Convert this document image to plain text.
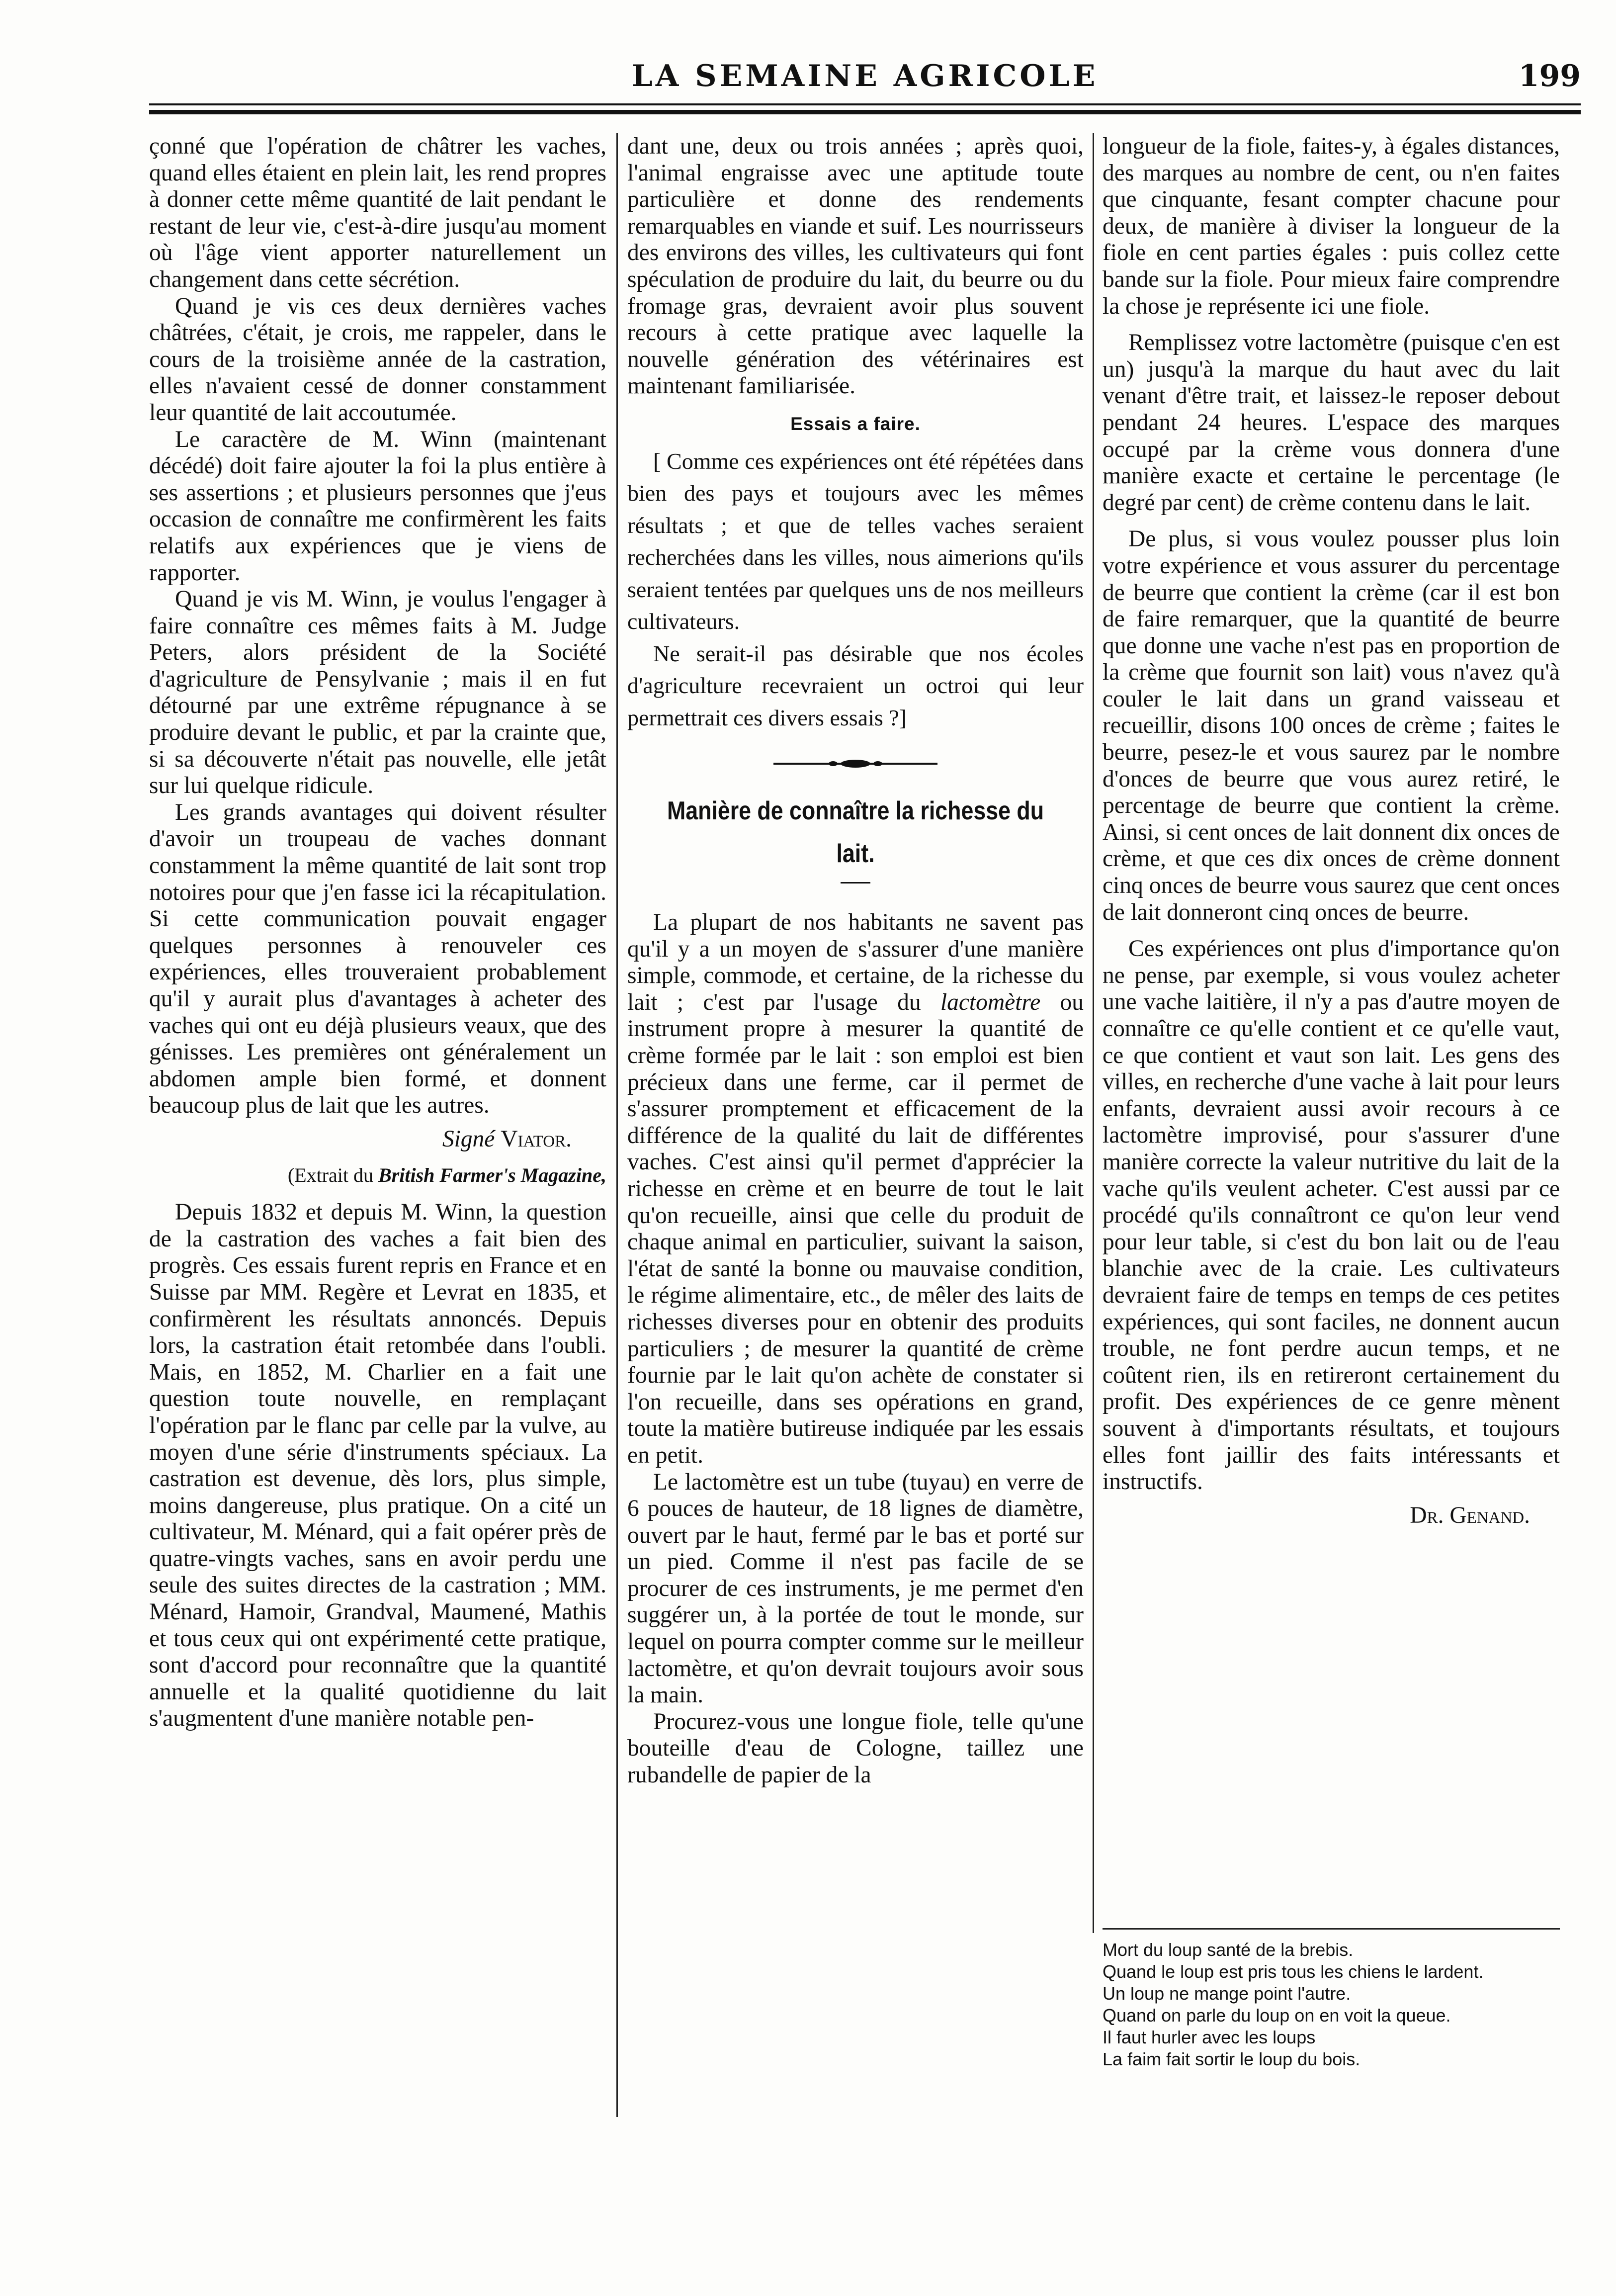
LA SEMAINE AGRICOLE	199

çonné que l'opération de châtrer les vaches, quand elles étaient en plein lait, les rend propres à donner cette même quantité de lait pendant le restant de leur vie, c'est-à-dire jusqu'au moment où l'âge vient apporter naturellement un changement dans cette sécrétion.

Quand je vis ces deux dernières vaches châtrées, c'était, je crois, me rappeler, dans le cours de la troisième année de la castration, elles n'avaient cessé de donner constamment leur quantité de lait accoutumée.

Le caractère de M. Winn (maintenant décédé) doit faire ajouter la foi la plus entière à ses assertions ; et plusieurs personnes que j'eus occasion de connaître me confirmèrent les faits relatifs aux expériences que je viens de rapporter.

Quand je vis M. Winn, je voulus l'engager à faire connaître ces mêmes faits à M. Judge Peters, alors président de la Société d'agriculture de Pensylvanie ; mais il en fut détourné par une extrême répugnance à se produire devant le public, et par la crainte que, si sa découverte n'était pas nouvelle, elle jetât sur lui quelque ridicule.

Les grands avantages qui doivent résulter d'avoir un troupeau de vaches donnant constamment la même quantité de lait sont trop notoires pour que j'en fasse ici la récapitulation. Si cette communication pouvait engager quelques personnes à renouveler ces expériences, elles trouveraient probablement qu'il y aurait plus d'avantages à acheter des vaches qui ont eu déjà plusieurs veaux, que des génisses. Les premières ont généralement un abdomen ample bien formé, et donnent beaucoup plus de lait que les autres.

Signé Viator.
(Extrait du British Farmer's Magazine,

Depuis 1832 et depuis M. Winn, la question de la castration des vaches a fait bien des progrès. Ces essais furent repris en France et en Suisse par MM. Regère et Levrat en 1835, et confirmèrent les résultats annoncés. Depuis lors, la castration était retombée dans l'oubli. Mais, en 1852, M. Charlier en a fait une question toute nouvelle, en remplaçant l'opération par le flanc par celle par la vulve, au moyen d'une série d'instruments spéciaux. La castration est devenue, dès lors, plus simple, moins dangereuse, plus pratique. On a cité un cultivateur, M. Ménard, qui a fait opérer près de quatre-vingts vaches, sans en avoir perdu une seule des suites directes de la castration ; MM. Ménard, Hamoir, Grandval, Maumené, Mathis et tous ceux qui ont expérimenté cette pratique, sont d'accord pour reconnaître que la quantité annuelle et la qualité quotidienne du lait s'augmentent d'une manière notable pen-

dant une, deux ou trois années ; après quoi, l'animal engraisse avec une aptitude toute particulière et donne des rendements remarquables en viande et suif. Les nourrisseurs des environs des villes, les cultivateurs qui font spéculation de produire du lait, du beurre ou du fromage gras, devraient avoir plus souvent recours à cette pratique avec laquelle la nouvelle génération des vétérinaires est maintenant familiarisée.

Essais a faire.

[ Comme ces expériences ont été répétées dans bien des pays et toujours avec les mêmes résultats ; et que de telles vaches seraient recherchées dans les villes, nous aimerions qu'ils seraient tentées par quelques uns de nos meilleurs cultivateurs.

Ne serait-il pas désirable que nos écoles d'agriculture recevraient un octroi qui leur permettrait ces divers essais ?]

Manière de connaître la richesse du lait.

La plupart de nos habitants ne savent pas qu'il y a un moyen de s'assurer d'une manière simple, commode, et certaine, de la richesse du lait ; c'est par l'usage du lactomètre ou instrument propre à mesurer la quantité de crème formée par le lait : son emploi est bien précieux dans une ferme, car il permet de s'assurer promptement et efficacement de la différence de la qualité du lait de différentes vaches. C'est ainsi qu'il permet d'apprécier la richesse en crème et en beurre de tout le lait qu'on recueille, ainsi que celle du produit de chaque animal en particulier, suivant la saison, l'état de santé la bonne ou mauvaise condition, le régime alimentaire, etc., de mêler des laits de richesses diverses pour en obtenir des produits particuliers ; de mesurer la quantité de crème fournie par le lait qu'on achète de constater si l'on recueille, dans ses opérations en grand, toute la matière butireuse indiquée par les essais en petit.

Le lactomètre est un tube (tuyau) en verre de 6 pouces de hauteur, de 18 lignes de diamètre, ouvert par le haut, fermé par le bas et porté sur un pied. Comme il n'est pas facile de se procurer de ces instruments, je me permet d'en suggérer un, à la portée de tout le monde, sur lequel on pourra compter comme sur le meilleur lactomètre, et qu'on devrait toujours avoir sous la main.

Procurez-vous une longue fiole, telle qu'une bouteille d'eau de Cologne, taillez une rubandelle de papier de la

longueur de la fiole, faites-y, à égales distances, des marques au nombre de cent, ou n'en faites que cinquante, fesant compter chacune pour deux, de manière à diviser la longueur de la fiole en cent parties égales : puis collez cette bande sur la fiole. Pour mieux faire comprendre la chose je représente ici une fiole.

Remplissez votre lactomètre (puisque c'en est un) jusqu'à la marque du haut avec du lait venant d'être trait, et laissez-le reposer debout pendant 24 heures. L'espace des marques occupé par la crème vous donnera d'une manière exacte et certaine le percentage (le degré par cent) de crème contenu dans le lait.

De plus, si vous voulez pousser plus loin votre expérience et vous assurer du percentage de beurre que contient la crème (car il est bon de faire remarquer, que la quantité de beurre que donne une vache n'est pas en proportion de la crème que fournit son lait) vous n'avez qu'à couler le lait dans un grand vaisseau et recueillir, disons 100 onces de crème ; faites le beurre, pesez-le et vous saurez par le nombre d'onces de beurre que vous aurez retiré, le percentage de beurre que contient la crème. Ainsi, si cent onces de lait donnent dix onces de crème, et que ces dix onces de crème donnent cinq onces de beurre vous saurez que cent onces de lait donneront cinq onces de beurre.

Ces expériences ont plus d'importance qu'on ne pense, par exemple, si vous voulez acheter une vache laitière, il n'y a pas d'autre moyen de connaître ce qu'elle contient et ce qu'elle vaut, ce que contient et vaut son lait. Les gens des villes, en recherche d'une vache à lait pour leurs enfants, devraient aussi avoir recours à ce lactomètre improvisé, pour s'assurer d'une manière correcte la valeur nutritive du lait de la vache qu'ils veulent acheter. C'est aussi par ce procédé qu'ils connaîtront ce qu'on leur vend pour leur table, si c'est du bon lait ou de l'eau blanchie avec de la craie. Les cultivateurs devraient faire de temps en temps de ces petites expériences, qui sont faciles, ne donnent aucun trouble, ne font perdre aucun temps, et ne coûtent rien, ils en retireront certainement du profit. Des expériences de ce genre mènent souvent à d'importants résultats, et toujours elles font jaillir des faits intéressants et instructifs.

Dr. Genand.
Mort du loup santé de la brebis.
Quand le loup est pris tous les chiens le lardent.
Un loup ne mange point l'autre.
Quand on parle du loup on en voit la queue.
Il faut hurler avec les loups
La faim fait sortir le loup du bois.
